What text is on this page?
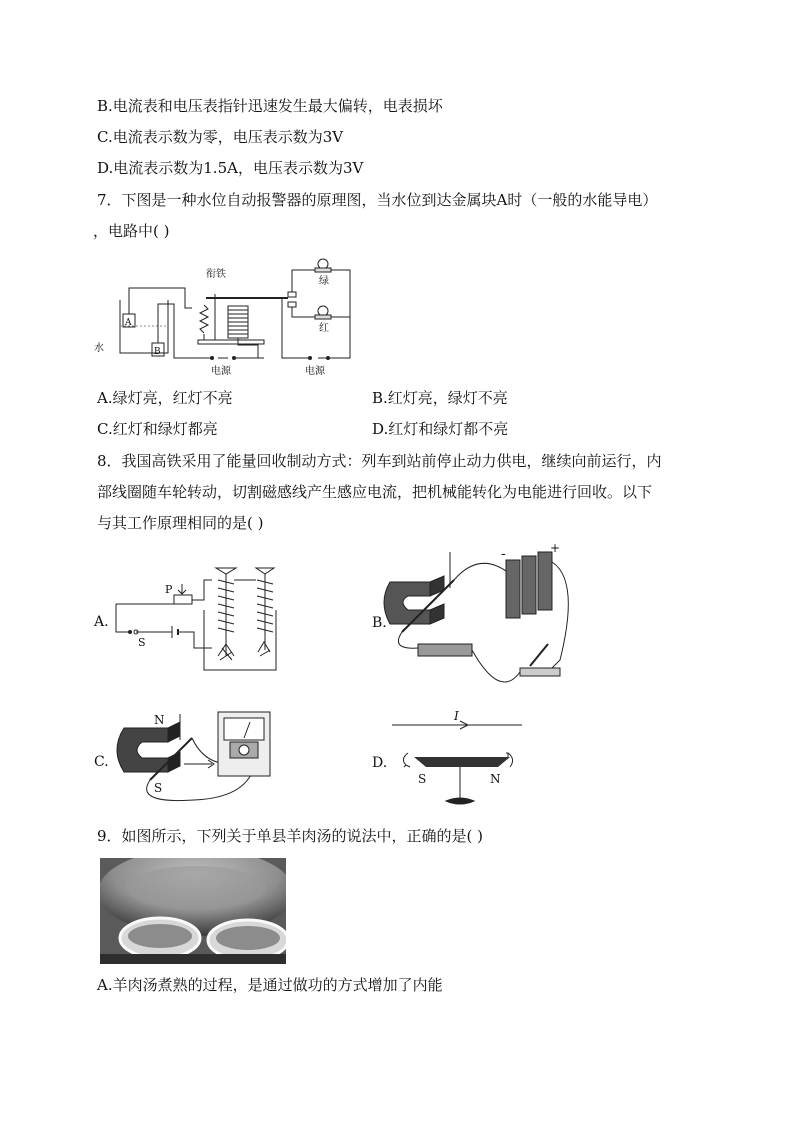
B.电流表和电压表指针迅速发生最大偏转，电表损坏
C.电流表示数为零，电压表示数为3V
D.电流表示数为1.5A，电压表示数为3V
7．下图是一种水位自动报警器的原理图，当水位到达金属块A时（一般的水能导电）
，电路中( )
衔铁
绿
红
水
A
B
电源	电源
A.绿灯亮，红灯不亮	B.红灯亮，绿灯不亮
C.红灯和绿灯都亮	D.红灯和绿灯都不亮
8．我国高铁采用了能量回收制动方式：列车到站前停止动力供电，继续向前运行，内
部线圈随车轮转动，切割磁感线产生感应电流，把机械能转化为电能进行回收。以下
与其工作原理相同的是( )
A.
P
S
B.
-	+
C.
N
S
D.
I
S	N
9．如图所示，下列关于单县羊肉汤的说法中，正确的是( )
A.羊肉汤煮熟的过程，是通过做功的方式增加了内能
